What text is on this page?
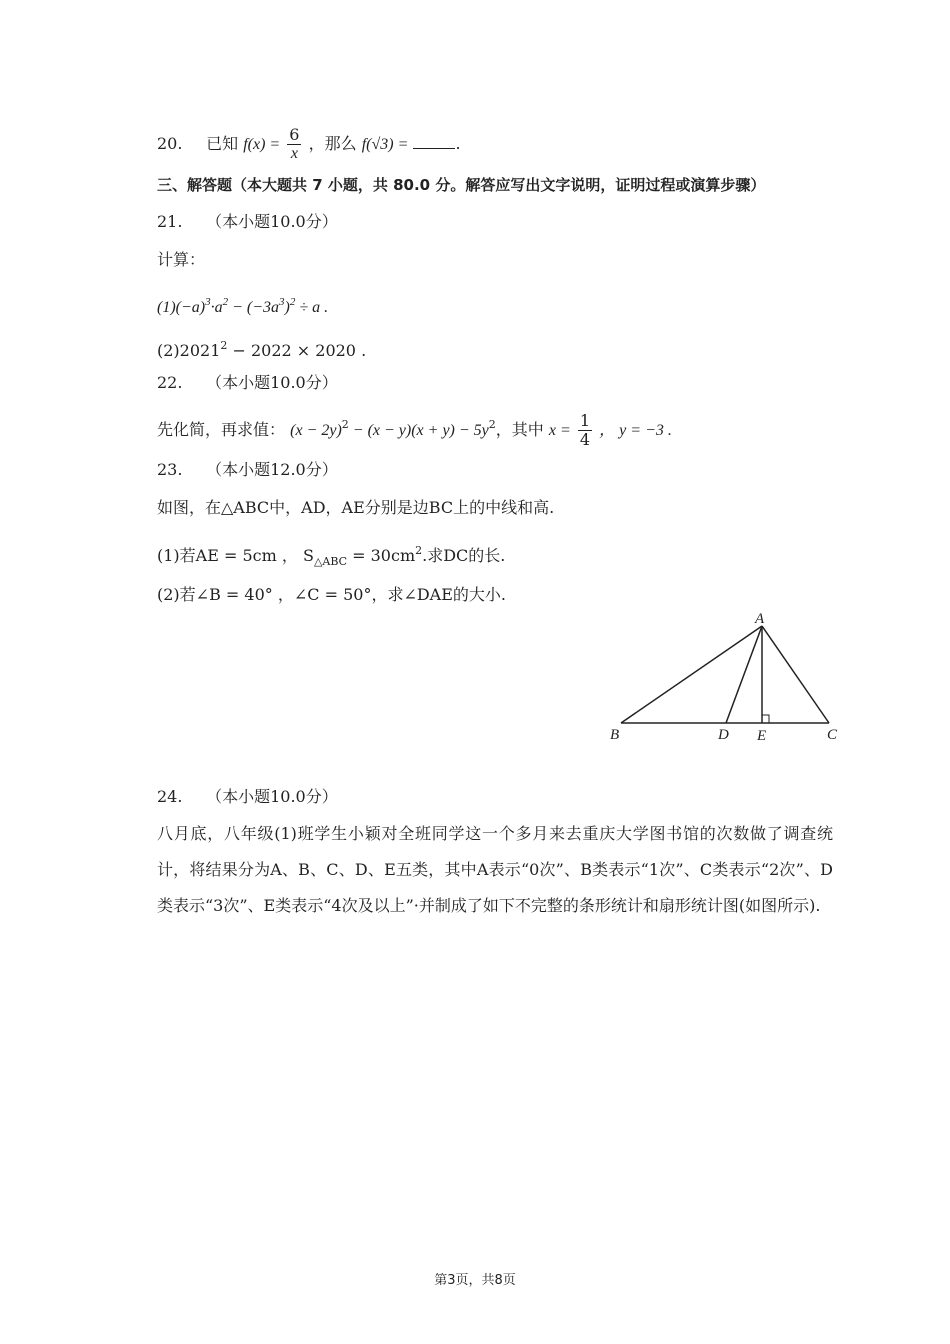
20. 已知 $f(x) = \frac{6}{x}$ ，那么 f(√3) =	.
三、解答题（本大题共 7 小题，共 80.0 分。解答应写出文字说明，证明过程或演算步骤）
21. （本小题10.0分）
计算：
$(1)(-a)^3\cdot a^2 - (-3a^3)^2 \div a$ .
$(2)2021^2 - 2022 \times 2020$ .
22. （本小题10.0分）
先化简，再求值： $(x - 2y)^2 - (x - y)(x + y) - 5y^2$，其中 $x = \frac{1}{4}$ ， y = −3 .
23. （本小题12.0分）
如图，在△ABC中，AD，AE分别是边BC上的中线和高.
(1)若AE = 5cm ， $S_{\triangle ABC} = 30cm^2$.求DC的长.
(2)若∠B = 40° ，∠C = 50°，求∠DAE的大小.
A
B	D E	C
24. （本小题10.0分）
八月底，八年级(1)班学生小颖对全班同学这一个多月来去重庆大学图书馆的次数做了调查统计，将结果分为A、B、C、D、E五类，其中A表示“0次”、B类表示“1次”、C类表示“2次”、D类表示“3次”、E类表示“4次及以上”·并制成了如下不完整的条形统计和扇形统计图(如图所示).
第3页，共8页
